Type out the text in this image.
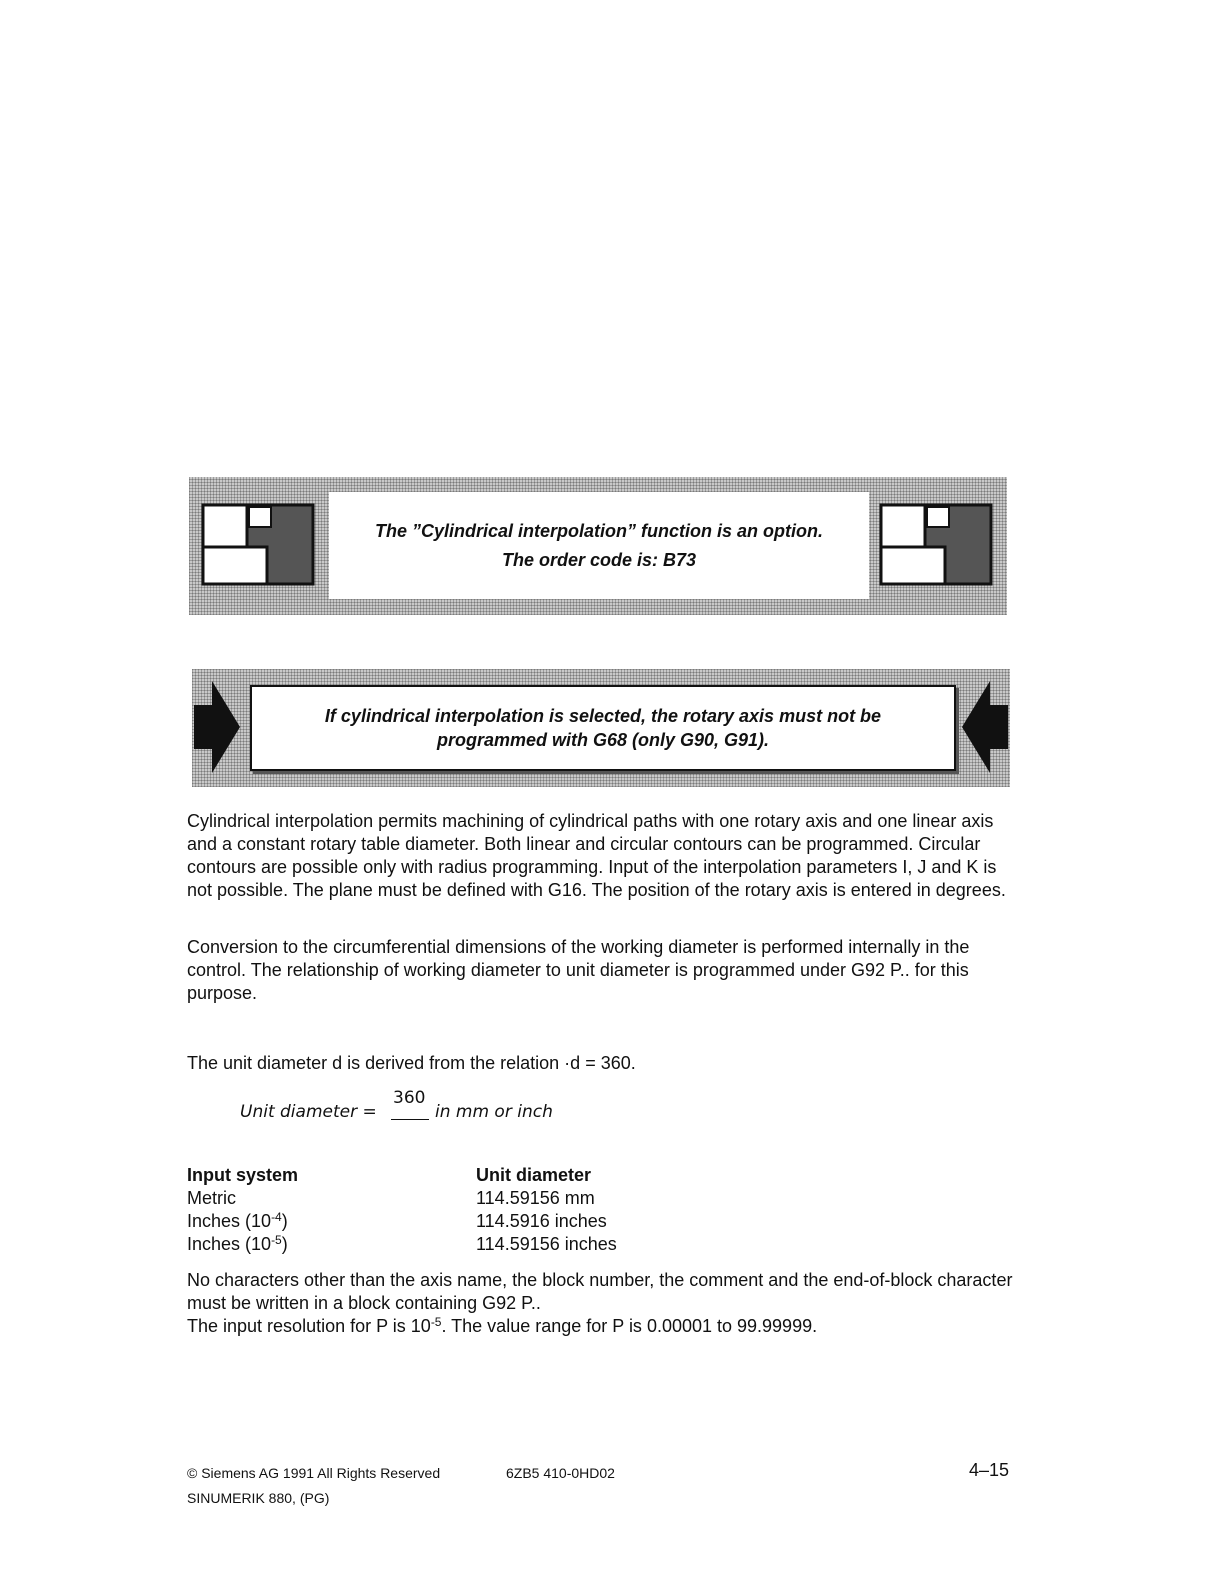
The ”Cylindrical interpolation” function is an option.
The order code is: B73
If cylindrical interpolation is selected, the rotary axis must not be
programmed with G68 (only G90, G91).

Cylindrical interpolation permits machining of cylindrical paths with one rotary axis and one linear axis and a constant rotary table diameter. Both linear and circular contours can be programmed. Circular contours are possible only with radius programming. Input of the interpolation parameters I, J and K is not possible. The plane must be defined with G16. The position of the rotary axis is entered in degrees.

Conversion to the circumferential dimensions of the working diameter is performed internally in the control. The relationship of working diameter to unit diameter is programmed under G92 P.. for this purpose.

The unit diameter d is derived from the relation ·d = 360.

Unit diameter =
360
in mm or inch
Input system	Unit diameter
Metric	114.59156 mm
Inches $(10^{-4})$	114.5916 inches
Inches $(10^{-5})$	114.59156 inches
No characters other than the axis name, the block number, the comment and the end-of-block character must be written in a block containing G92 P..
The input resolution for P is $10^{-5}$. The value range for P is 0.00001 to 99.99999.
© Siemens AG 1991 All Rights Reserved	6ZB5 410-0HD02	4–15
SINUMERIK 880, (PG)
